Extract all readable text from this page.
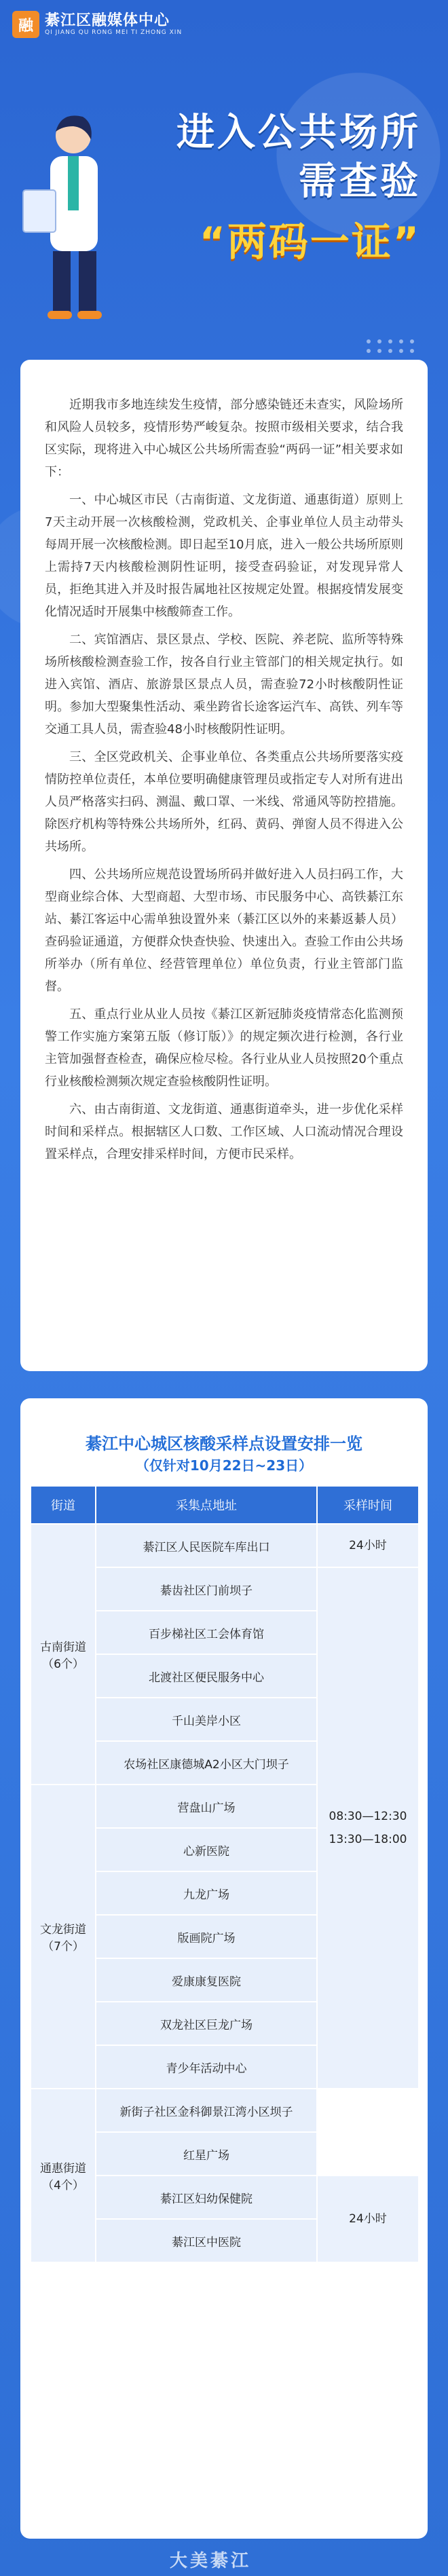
融 綦江区融媒体中心
QI JIANG QU RONG MEI TI ZHONG XIN
进入公共场所
需查验
“两码一证”

近期我市多地连续发生疫情，部分感染链还未查实，风险场所和风险人员较多，疫情形势严峻复杂。按照市级相关要求，结合我区实际，现将进入中心城区公共场所需查验“两码一证”相关要求如下：

一、中心城区市民（古南街道、文龙街道、通惠街道）原则上7天主动开展一次核酸检测，党政机关、企事业单位人员主动带头每周开展一次核酸检测。即日起至10月底，进入一般公共场所原则上需持7天内核酸检测阴性证明，接受查码验证，对发现异常人员，拒绝其进入并及时报告属地社区按规定处置。根据疫情发展变化情况适时开展集中核酸筛查工作。

二、宾馆酒店、景区景点、学校、医院、养老院、监所等特殊场所核酸检测查验工作，按各自行业主管部门的相关规定执行。如进入宾馆、酒店、旅游景区景点人员，需查验72小时核酸阴性证明。参加大型聚集性活动、乘坐跨省长途客运汽车、高铁、列车等交通工具人员，需查验48小时核酸阴性证明。

三、全区党政机关、企事业单位、各类重点公共场所要落实疫情防控单位责任，本单位要明确健康管理员或指定专人对所有进出人员严格落实扫码、测温、戴口罩、一米线、常通风等防控措施。除医疗机构等特殊公共场所外，红码、黄码、弹窗人员不得进入公共场所。

四、公共场所应规范设置场所码并做好进入人员扫码工作，大型商业综合体、大型商超、大型市场、市民服务中心、高铁綦江东站、綦江客运中心需单独设置外来（綦江区以外的来綦返綦人员）查码验证通道，方便群众快查快验、快速出入。查验工作由公共场所举办（所有单位、经营管理单位）单位负责，行业主管部门监督。

五、重点行业从业人员按《綦江区新冠肺炎疫情常态化监测预警工作实施方案第五版（修订版）》的规定频次进行检测，各行业主管加强督查检查，确保应检尽检。各行业从业人员按照20个重点行业核酸检测频次规定查验核酸阴性证明。

六、由古南街道、文龙街道、通惠街道牵头，进一步优化采样时间和采样点。根据辖区人口数、工作区域、人口流动情况合理设置采样点，合理安排采样时间，方便市民采样。

綦江中心城区核酸采样点设置安排一览
（仅针对10月22日~23日）
街道	采集点地址	采样时间
古南街道
（6个）	綦江区人民医院车库出口	24小时
	綦齿社区门前坝子	08:30—12:30
13:30—18:00
	百步梯社区工会体育馆	
	北渡社区便民服务中心	
	千山美岸小区	
	农场社区康德城A2小区大门坝子	
文龙街道
（7个）	营盘山广场	
	心新医院	
	九龙广场	
	版画院广场	
	爱康康复医院	
	双龙社区巨龙广场	
	青少年活动中心	
通惠街道
（4个）	新街子社区金科御景江湾小区坝子	
	红星广场	
	綦江区妇幼保健院	24小时
	綦江区中医院	
大美綦江
